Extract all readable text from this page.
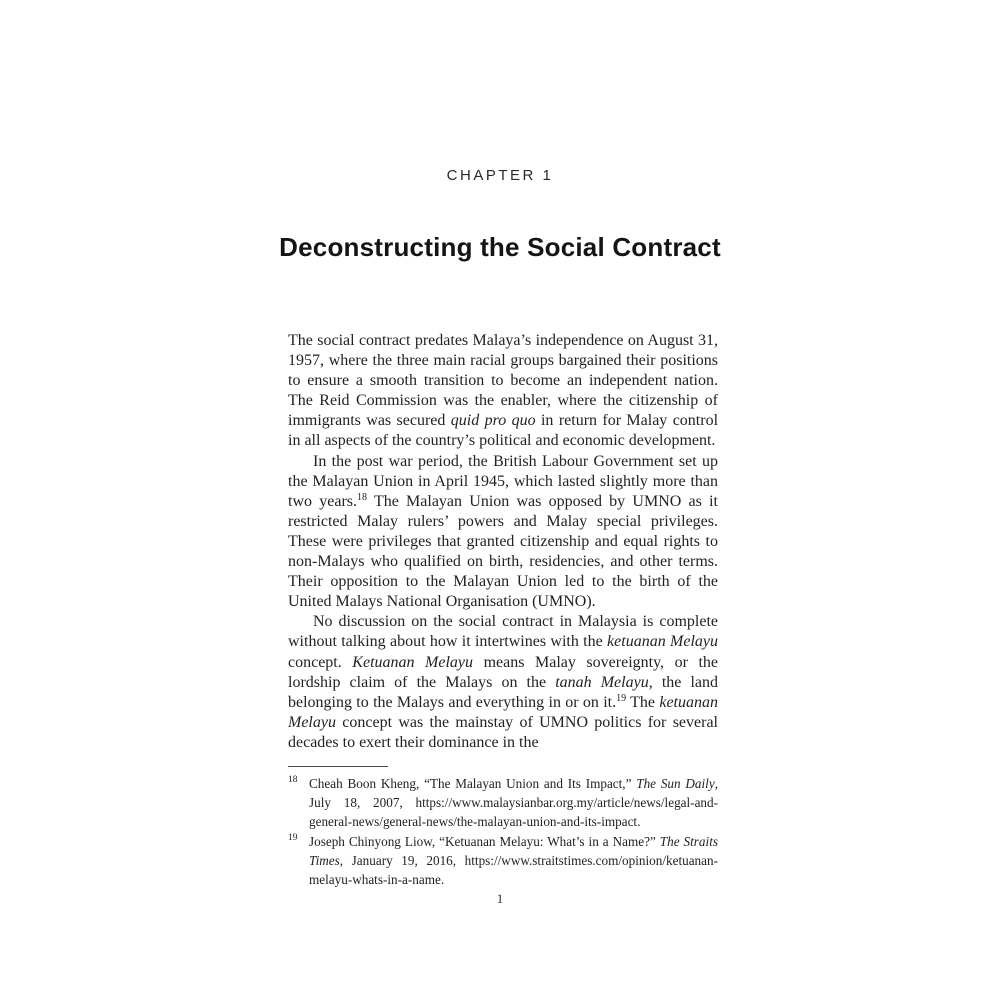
CHAPTER 1
Deconstructing the Social Contract

The social contract predates Malaya’s independence on August 31, 1957, where the three main racial groups bargained their positions to ensure a smooth transition to become an independent nation. The Reid Commission was the enabler, where the citizenship of immigrants was secured quid pro quo in return for Malay control in all aspects of the country’s political and economic development.

In the post war period, the British Labour Government set up the Malayan Union in April 1945, which lasted slightly more than two years.$^{18}$ The Malayan Union was opposed by UMNO as it restricted Malay rulers’ powers and Malay special privileges. These were privileges that granted citizenship and equal rights to non-Malays who qualified on birth, residencies, and other terms. Their opposition to the Malayan Union led to the birth of the United Malays National Organisation (UMNO).

No discussion on the social contract in Malaysia is complete without talking about how it intertwines with the ketuanan Melayu concept. Ketuanan Melayu means Malay sovereignty, or the lordship claim of the Malays on the tanah Melayu, the land belonging to the Malays and everything in or on it.$^{19}$ The ketuanan Melayu concept was the mainstay of UMNO politics for several decades to exert their dominance in the

18 Cheah Boon Kheng, “The Malayan Union and Its Impact,” The Sun Daily, July 18, 2007, https://www.malaysianbar.org.my/article/news/legal-and-general-news/general-news/the-malayan-union-and-its-impact.
19 Joseph Chinyong Liow, “Ketuanan Melayu: What’s in a Name?” The Straits Times, January 19, 2016, https://www.straitstimes.com/opinion/ketuanan-melayu-whats-in-a-name.
1
